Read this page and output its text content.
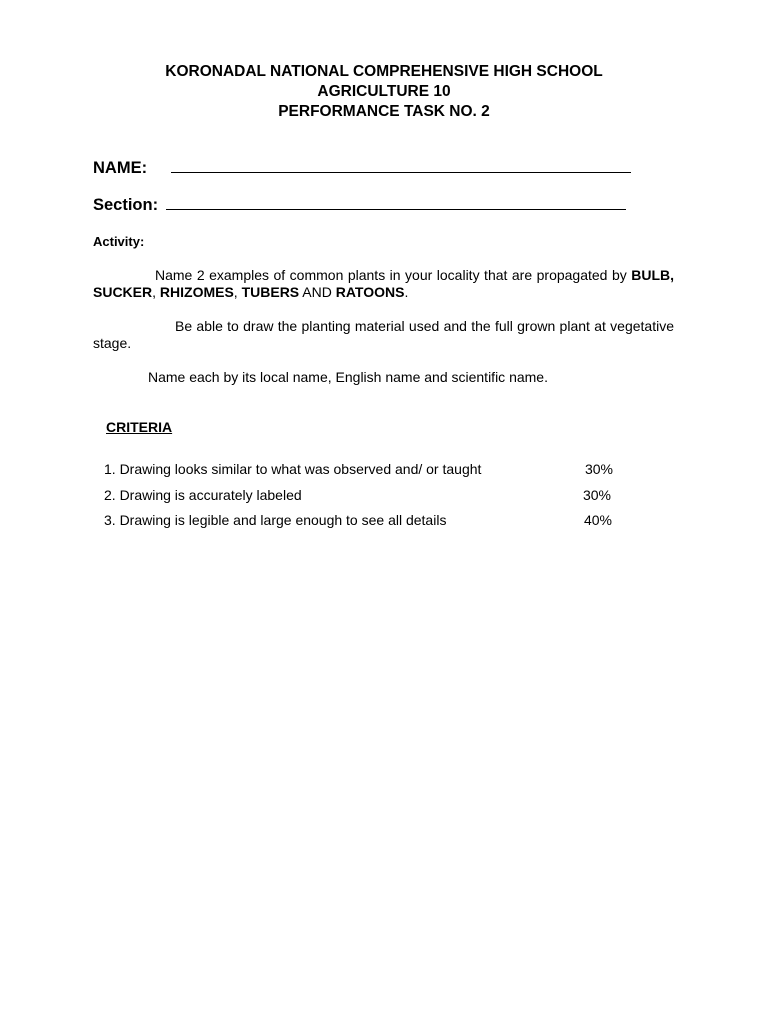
KORONADAL NATIONAL COMPREHENSIVE HIGH SCHOOL
AGRICULTURE 10
PERFORMANCE TASK NO. 2
NAME:
Section:
Activity:
Name 2 examples of common plants in your locality that are propagated by BULB, SUCKER, RHIZOMES, TUBERS AND RATOONS.
Be able to draw the planting material used and the full grown plant at vegetative stage.
Name each by its local name, English name and scientific name.
CRITERIA
1. Drawing looks similar to what was observed and/ or taught	30%
2. Drawing is accurately labeled	30%
3. Drawing is legible and large enough to see all details	40%
